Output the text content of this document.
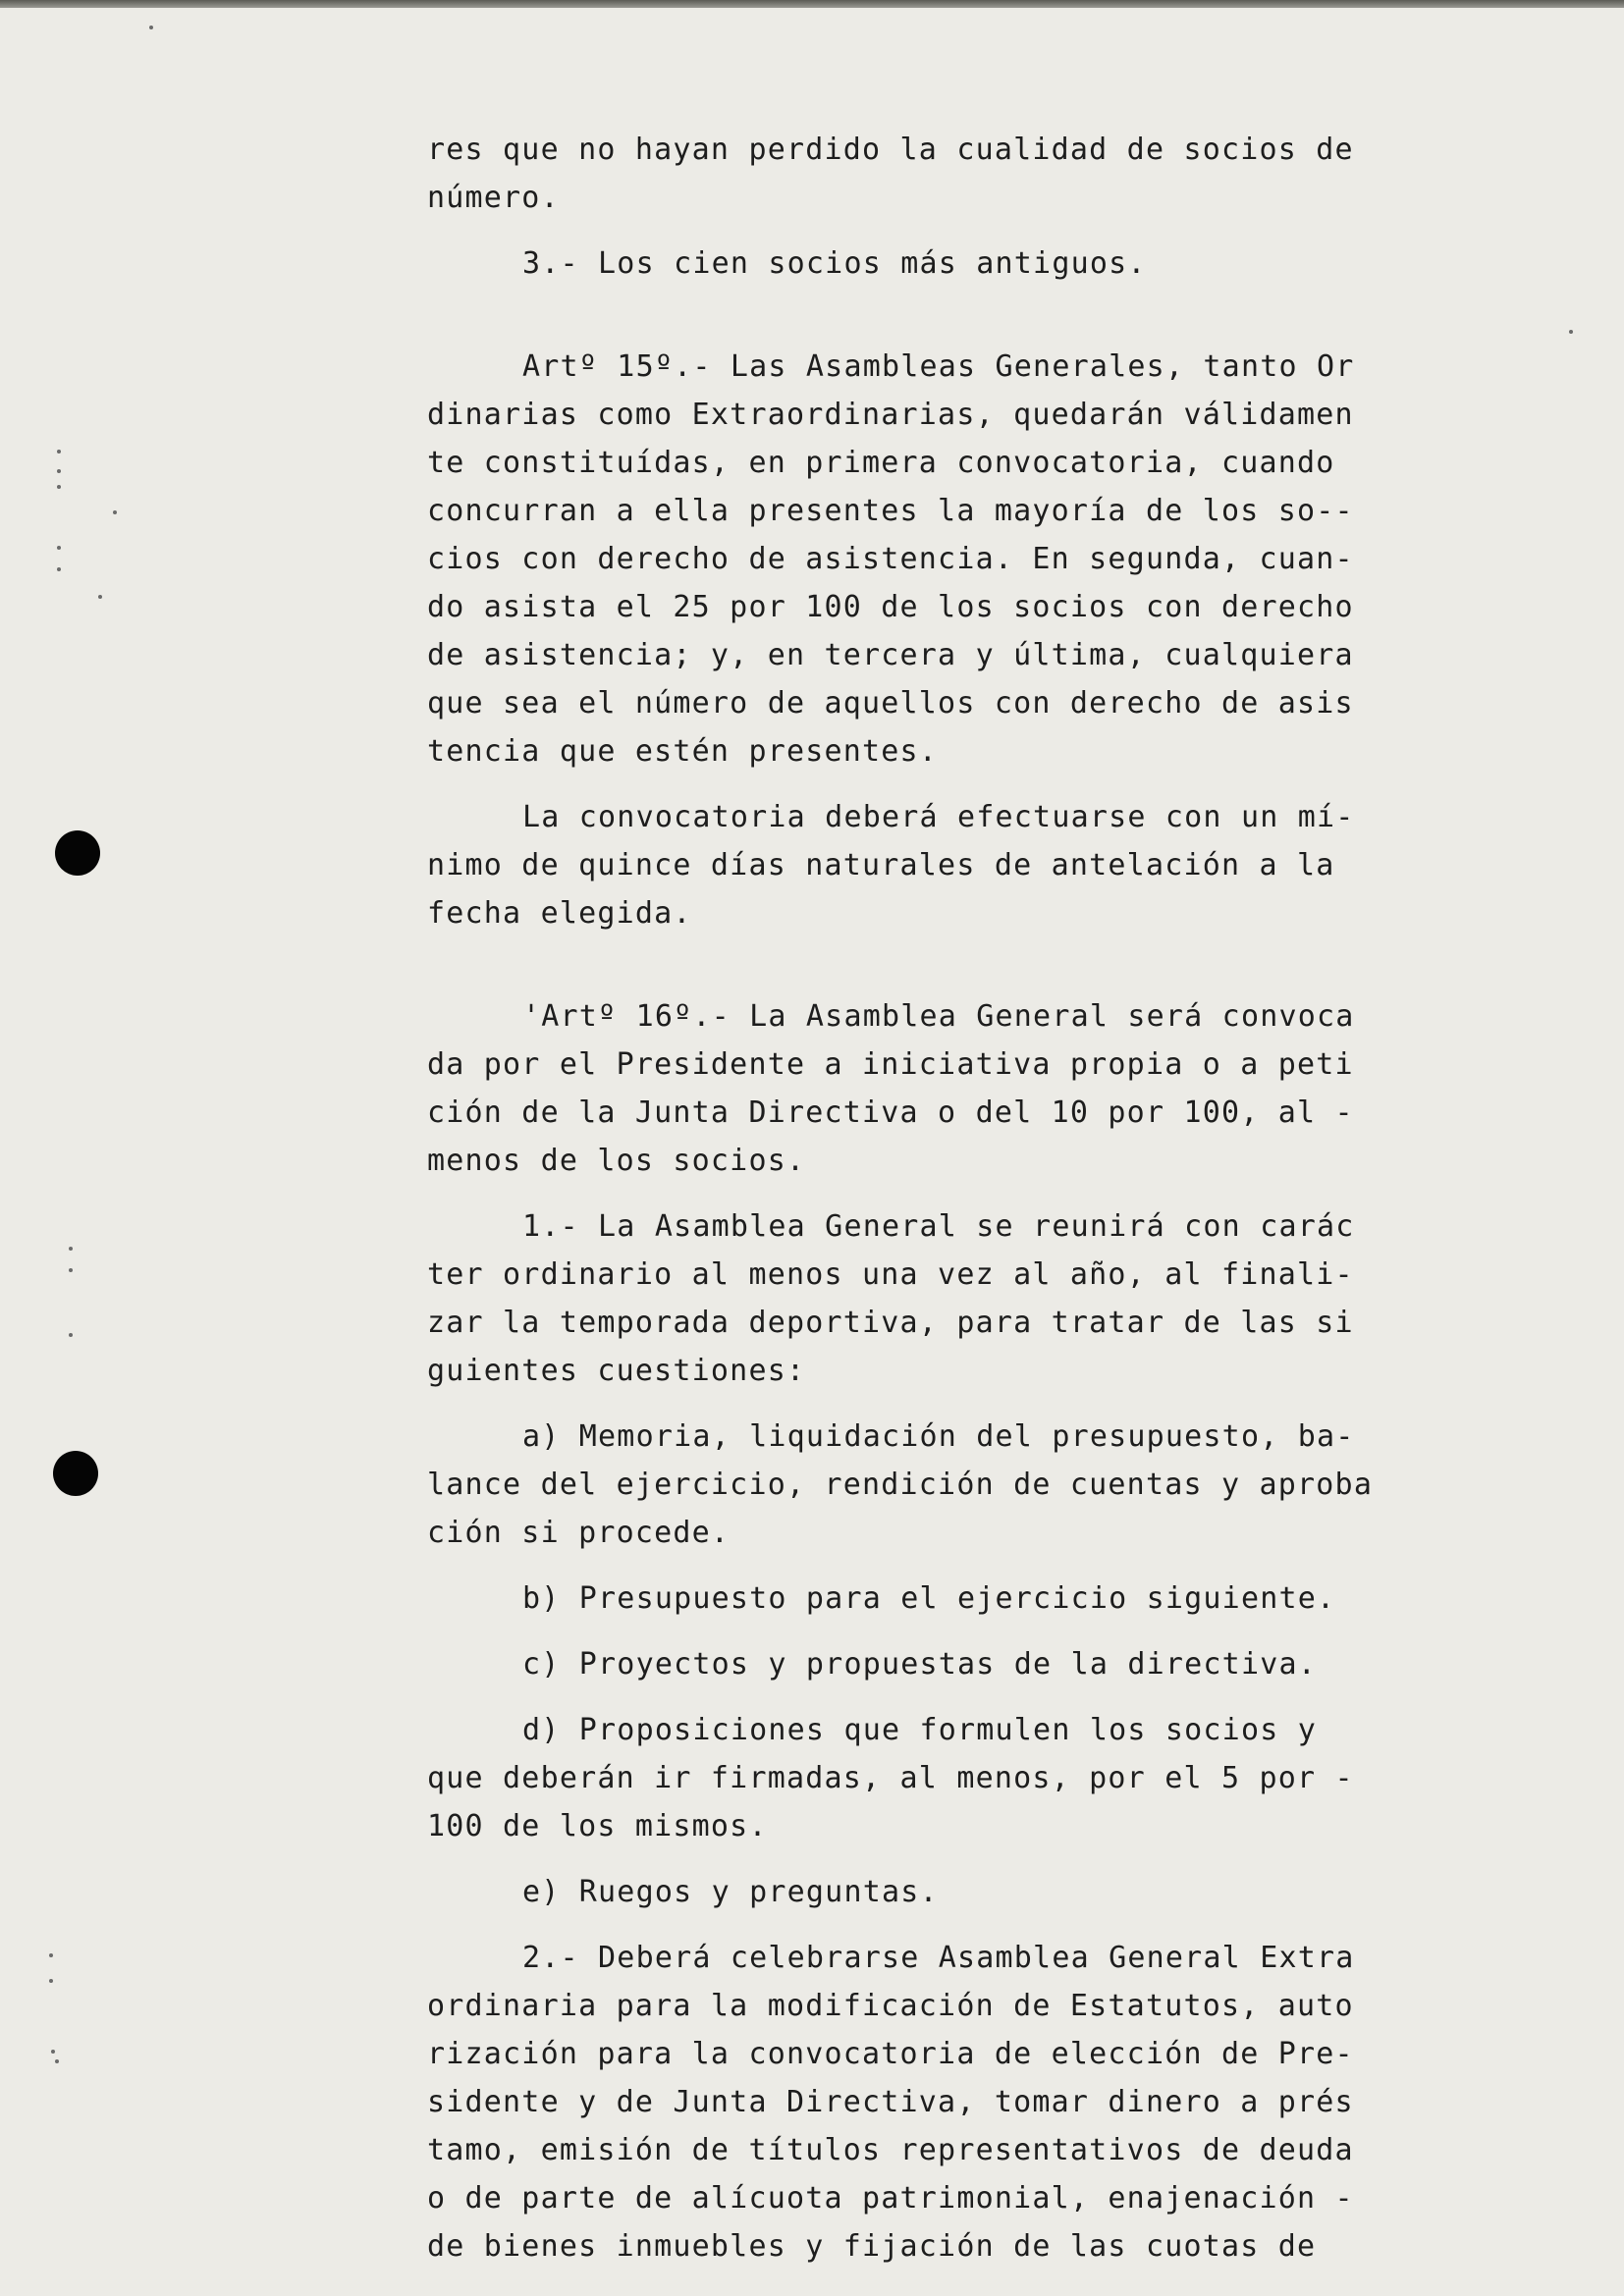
res que no hayan perdido la cualidad de socios de
número.
3.- Los cien socios más antiguos.
Artº 15º.- Las Asambleas Generales, tanto Or
dinarias como Extraordinarias, quedarán válidamen
te constituídas, en primera convocatoria, cuando
concurran a ella presentes la mayoría de los so--
cios con derecho de asistencia. En segunda, cuan-
do asista el 25 por 100 de los socios con derecho
de asistencia; y, en tercera y última, cualquiera
que sea el número de aquellos con derecho de asis
tencia que estén presentes.
La convocatoria deberá efectuarse con un mí-
nimo de quince días naturales de antelación a la
fecha elegida.
'Artº 16º.- La Asamblea General será convoca
da por el Presidente a iniciativa propia o a peti
ción de la Junta Directiva o del 10 por 100, al -
menos de los socios.
1.- La Asamblea General se reunirá con carác
ter ordinario al menos una vez al año, al finali-
zar la temporada deportiva, para tratar de las si
guientes cuestiones:
a) Memoria, liquidación del presupuesto, ba-
lance del ejercicio, rendición de cuentas y aproba
ción si procede.
b) Presupuesto para el ejercicio siguiente.
c) Proyectos y propuestas de la directiva.
d) Proposiciones que formulen los socios y
que deberán ir firmadas, al menos, por el 5 por -
100 de los mismos.
e) Ruegos y preguntas.
2.- Deberá celebrarse Asamblea General Extra
ordinaria para la modificación de Estatutos, auto
rización para la convocatoria de elección de Pre-
sidente y de Junta Directiva, tomar dinero a prés
tamo, emisión de títulos representativos de deuda
o de parte de alícuota patrimonial, enajenación -
de bienes inmuebles y fijación de las cuotas de
